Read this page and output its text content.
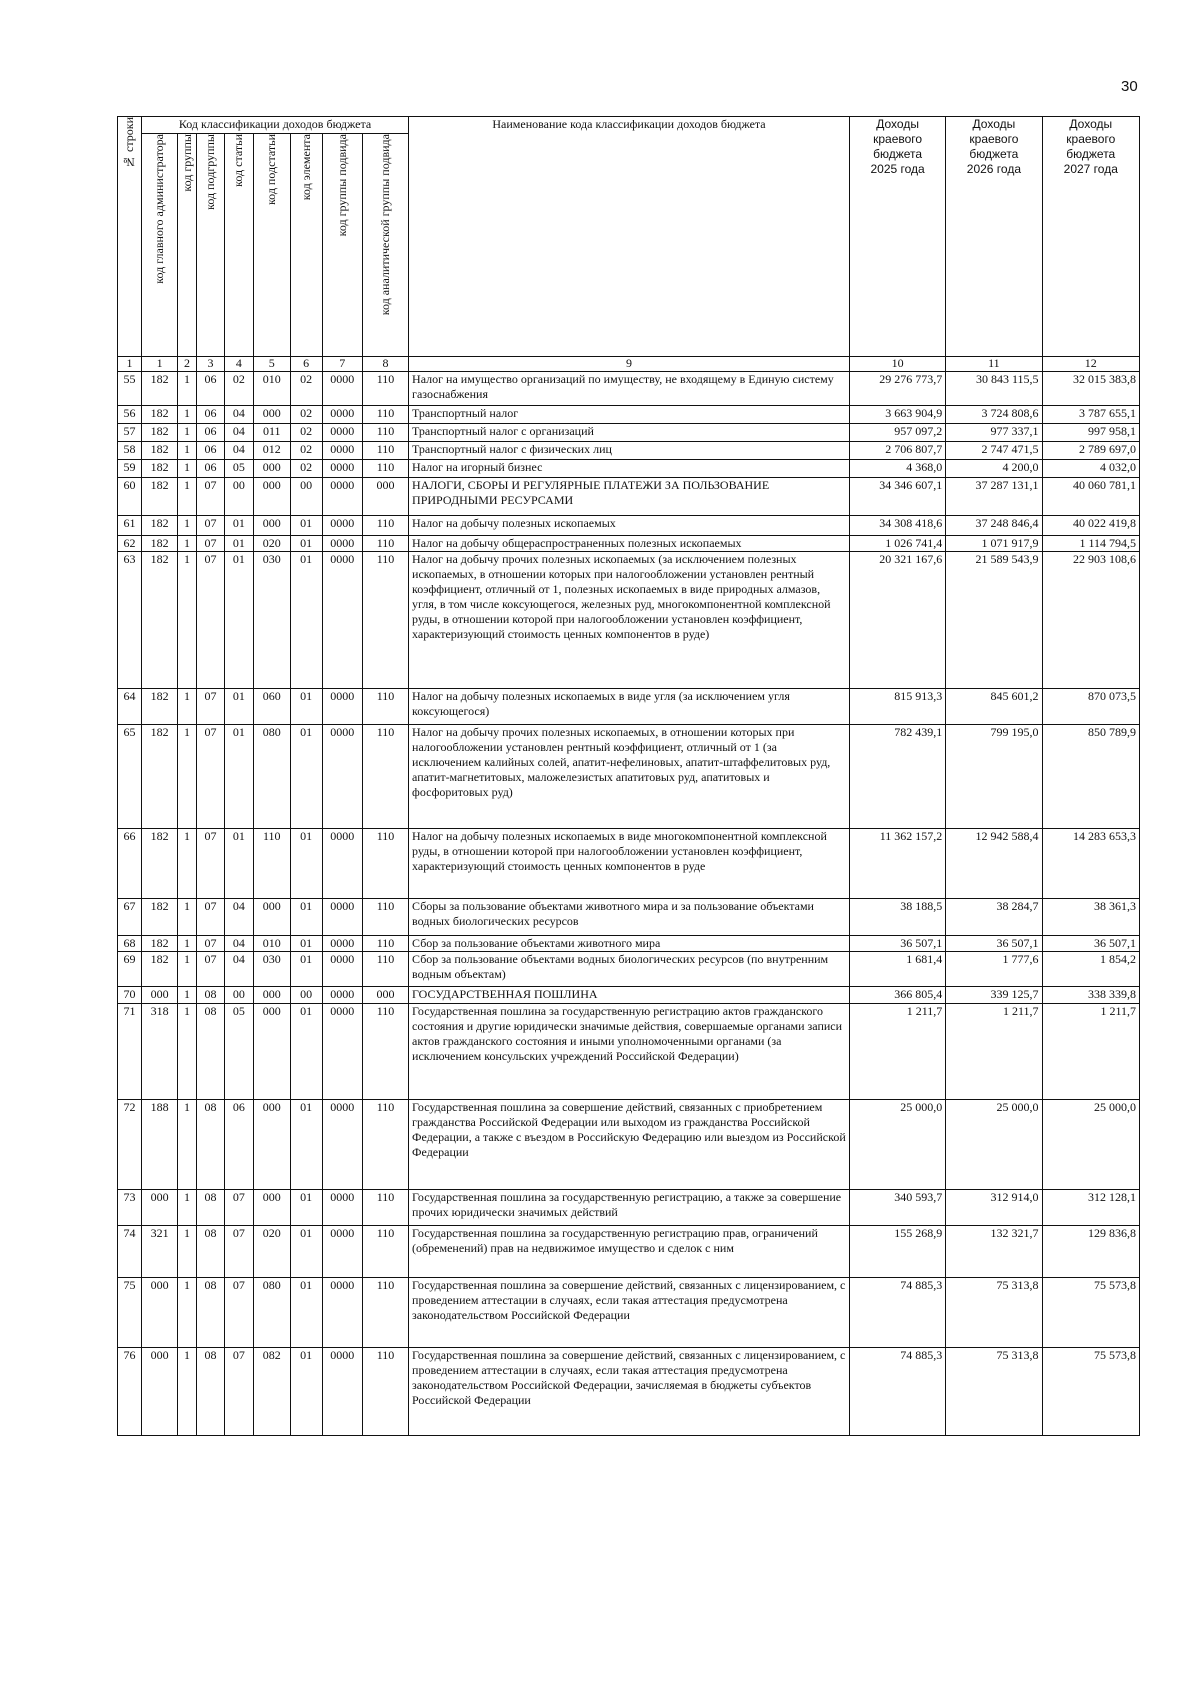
30
№ строки	Код классификации доходов бюджета								Наименование кода классификации доходов бюджета	Доходы
краевого
бюджета
2025 года	Доходы
краевого
бюджета
2026 года	Доходы
краевого
бюджета
2027 года
	код главного администратора	код группы	код подгруппы	код статьи	код подстатьи	код элемента	код группы подвида	код аналитической группы подвида				
1	1	2	3	4	5	6	7	8	9	10	11	12
55	182	1	06	02	010	02	0000	110	Налог на имущество организаций по имуществу, не входящему в Единую систему газоснабжения	29 276 773,7	30 843 115,5	32 015 383,8
56	182	1	06	04	000	02	0000	110	Транспортный налог	3 663 904,9	3 724 808,6	3 787 655,1
57	182	1	06	04	011	02	0000	110	Транспортный налог с организаций	957 097,2	977 337,1	997 958,1
58	182	1	06	04	012	02	0000	110	Транспортный налог с физических лиц	2 706 807,7	2 747 471,5	2 789 697,0
59	182	1	06	05	000	02	0000	110	Налог на игорный бизнес	4 368,0	4 200,0	4 032,0
60	182	1	07	00	000	00	0000	000	НАЛОГИ, СБОРЫ И РЕГУЛЯРНЫЕ ПЛАТЕЖИ ЗА ПОЛЬЗОВАНИЕ ПРИРОДНЫМИ РЕСУРСАМИ	34 346 607,1	37 287 131,1	40 060 781,1
61	182	1	07	01	000	01	0000	110	Налог на добычу полезных ископаемых	34 308 418,6	37 248 846,4	40 022 419,8
62	182	1	07	01	020	01	0000	110	Налог на добычу общераспространенных полезных ископаемых	1 026 741,4	1 071 917,9	1 114 794,5
63	182	1	07	01	030	01	0000	110	Налог на добычу прочих полезных ископаемых (за исключением полезных ископаемых, в отношении которых при налогообложении установлен рентный коэффициент, отличный от 1, полезных ископаемых в виде природных алмазов, угля, в том числе коксующегося, железных руд, многокомпонентной комплексной руды, в отношении которой при налогообложении установлен коэффициент, характеризующий стоимость ценных компонентов в руде)	20 321 167,6	21 589 543,9	22 903 108,6
64	182	1	07	01	060	01	0000	110	Налог на добычу полезных ископаемых в виде угля (за исключением угля коксующегося)	815 913,3	845 601,2	870 073,5
65	182	1	07	01	080	01	0000	110	Налог на добычу прочих полезных ископаемых, в отношении которых при налогообложении установлен рентный коэффициент, отличный от 1 (за исключением калийных солей, апатит-нефелиновых, апатит-штаффелитовых руд, апатит-магнетитовых, маложелезистых апатитовых руд, апатитовых и фосфоритовых руд)	782 439,1	799 195,0	850 789,9
66	182	1	07	01	110	01	0000	110	Налог на добычу полезных ископаемых в виде многокомпонентной комплексной руды, в отношении которой при налогообложении установлен коэффициент, характеризующий стоимость ценных компонентов в руде	11 362 157,2	12 942 588,4	14 283 653,3
67	182	1	07	04	000	01	0000	110	Сборы за пользование объектами животного мира и за пользование объектами водных биологических ресурсов	38 188,5	38 284,7	38 361,3
68	182	1	07	04	010	01	0000	110	Сбор за пользование объектами животного мира	36 507,1	36 507,1	36 507,1
69	182	1	07	04	030	01	0000	110	Сбор за пользование объектами водных биологических ресурсов (по внутренним водным объектам)	1 681,4	1 777,6	1 854,2
70	000	1	08	00	000	00	0000	000	ГОСУДАРСТВЕННАЯ ПОШЛИНА	366 805,4	339 125,7	338 339,8
71	318	1	08	05	000	01	0000	110	Государственная пошлина за государственную регистрацию актов гражданского состояния и другие юридически значимые действия, совершаемые органами записи актов гражданского состояния и иными уполномоченными органами (за исключением консульских учреждений Российской Федерации)	1 211,7	1 211,7	1 211,7
72	188	1	08	06	000	01	0000	110	Государственная пошлина за совершение действий, связанных с приобретением гражданства Российской Федерации или выходом из гражданства Российской Федерации, а также с въездом в Российскую Федерацию или выездом из Российской Федерации	25 000,0	25 000,0	25 000,0
73	000	1	08	07	000	01	0000	110	Государственная пошлина за государственную регистрацию, а также за совершение прочих юридически значимых действий	340 593,7	312 914,0	312 128,1
74	321	1	08	07	020	01	0000	110	Государственная пошлина за государственную регистрацию прав, ограничений (обременений) прав на недвижимое имущество и сделок с ним	155 268,9	132 321,7	129 836,8
75	000	1	08	07	080	01	0000	110	Государственная пошлина за совершение действий, связанных с лицензированием, с проведением аттестации в случаях, если такая аттестация предусмотрена законодательством Российской Федерации	74 885,3	75 313,8	75 573,8
76	000	1	08	07	082	01	0000	110	Государственная пошлина за совершение действий, связанных с лицензированием, с проведением аттестации в случаях, если такая аттестация предусмотрена законодательством Российской Федерации, зачисляемая в бюджеты субъектов Российской Федерации	74 885,3	75 313,8	75 573,8
